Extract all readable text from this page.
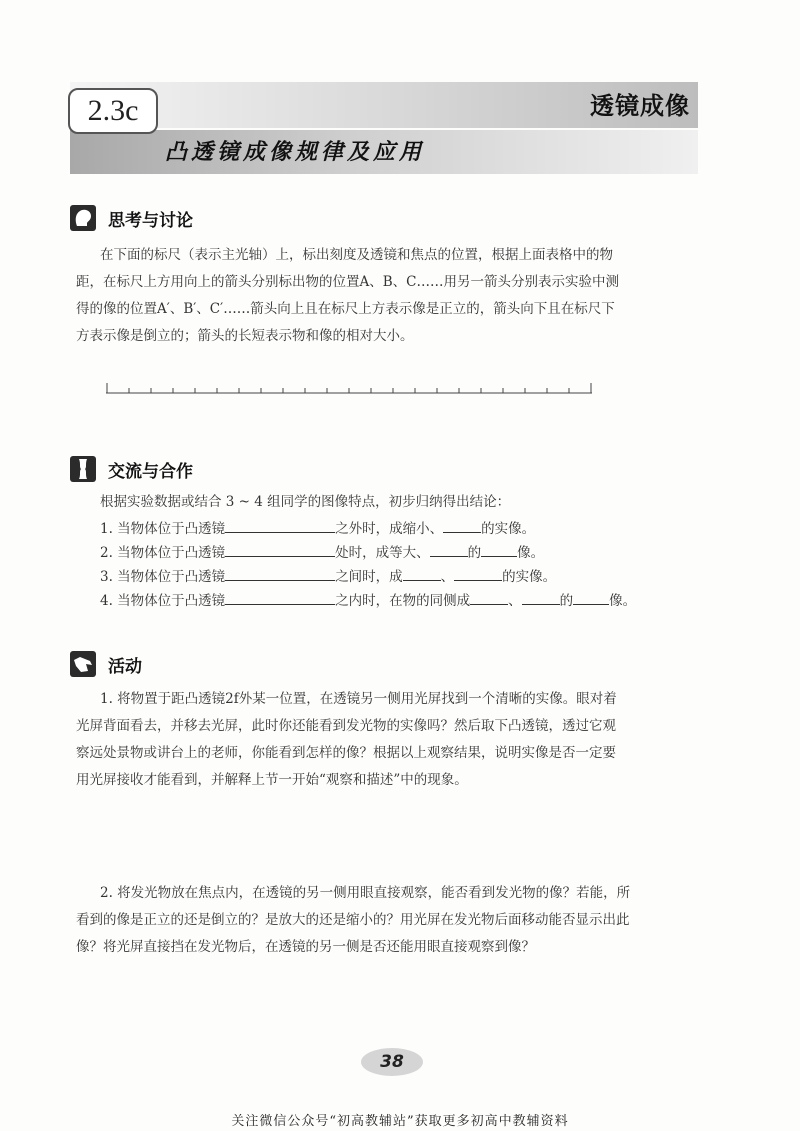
2.3c	透镜成像
凸透镜成像规律及应用
思考与讨论
在下面的标尺（表示主光轴）上，标出刻度及透镜和焦点的位置，根据上面表格中的物
距，在标尺上方用向上的箭头分别标出物的位置A、B、C……用另一箭头分别表示实验中测
得的像的位置A′、B′、C′……箭头向上且在标尺上方表示像是正立的，箭头向下且在标尺下
方表示像是倒立的；箭头的长短表示物和像的相对大小。
交流与合作
根据实验数据或结合 3 ~ 4 组同学的图像特点，初步归纳得出结论：
1. 当物体位于凸透镜	之外时，成缩小、	的实像。
2. 当物体位于凸透镜	处时，成等大、	的	像。
3. 当物体位于凸透镜	之间时，成	、	的实像。
4. 当物体位于凸透镜	之内时，在物的同侧成	、	的	像。
活动
1. 将物置于距凸透镜2f外某一位置，在透镜另一侧用光屏找到一个清晰的实像。眼对着
光屏背面看去，并移去光屏，此时你还能看到发光物的实像吗？然后取下凸透镜，透过它观
察远处景物或讲台上的老师，你能看到怎样的像？根据以上观察结果，说明实像是否一定要
用光屏接收才能看到，并解释上节一开始“观察和描述”中的现象。
2. 将发光物放在焦点内，在透镜的另一侧用眼直接观察，能否看到发光物的像？若能，所
看到的像是正立的还是倒立的？是放大的还是缩小的？用光屏在发光物后面移动能否显示出此
像？将光屏直接挡在发光物后，在透镜的另一侧是否还能用眼直接观察到像？
38
关注微信公众号“初高教辅站”获取更多初高中教辅资料
